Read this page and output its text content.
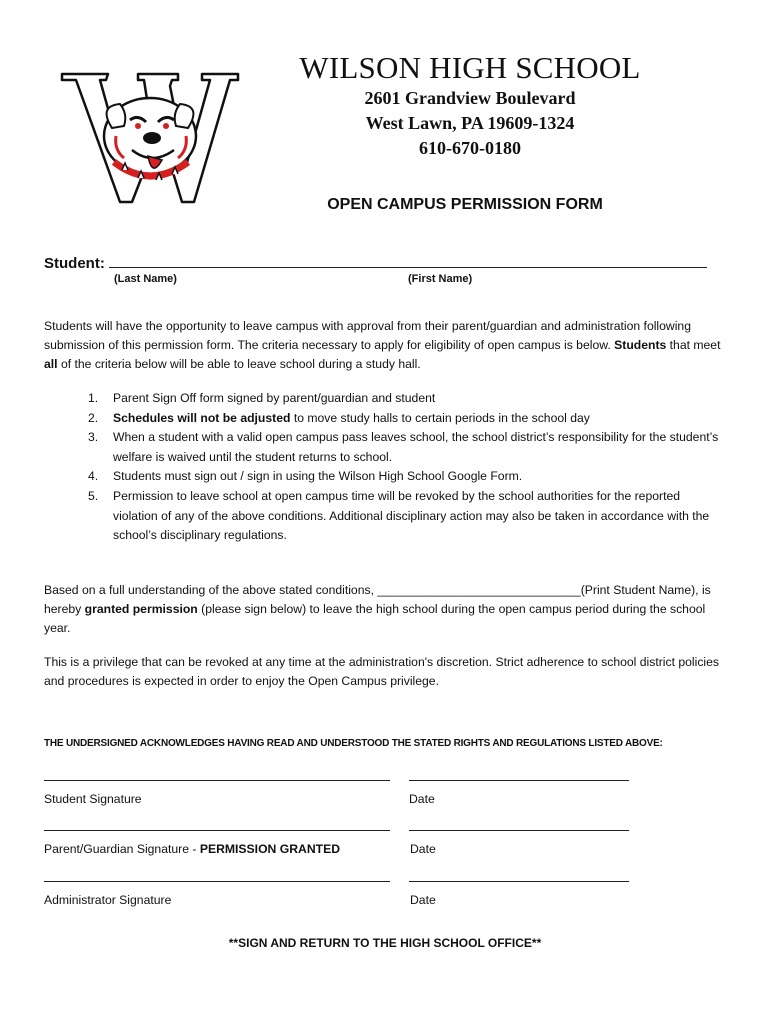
WILSON HIGH SCHOOL
2601 Grandview Boulevard
West Lawn, PA 19609-1324
610-670-0180
OPEN CAMPUS PERMISSION FORM
Student:
(Last Name)	(First Name)
Students will have the opportunity to leave campus with approval from their parent/guardian and administration following submission of this permission form. The criteria necessary to apply for eligibility of open campus is below. Students that meet all of the criteria below will be able to leave school during a study hall.
1. Parent Sign Off form signed by parent/guardian and student
2. Schedules will not be adjusted to move study halls to certain periods in the school day
3. When a student with a valid open campus pass leaves school, the school district’s responsibility for the student’s welfare is waived until the student returns to school.
4. Students must sign out / sign in using the Wilson High School Google Form.
5. Permission to leave school at open campus time will be revoked by the school authorities for the reported violation of any of the above conditions. Additional disciplinary action may also be taken in accordance with the school’s disciplinary regulations.
Based on a full understanding of the above stated conditions, ______________________________(Print Student Name), is hereby granted permission (please sign below) to leave the high school during the open campus period during the school year.
This is a privilege that can be revoked at any time at the administration's discretion. Strict adherence to school district policies and procedures is expected in order to enjoy the Open Campus privilege.
THE UNDERSIGNED ACKNOWLEDGES HAVING READ AND UNDERSTOOD THE STATED RIGHTS AND REGULATIONS LISTED ABOVE:
Student Signature	Date
Parent/Guardian Signature - PERMISSION GRANTED	Date
Administrator Signature	Date
**SIGN AND RETURN TO THE HIGH SCHOOL OFFICE**
